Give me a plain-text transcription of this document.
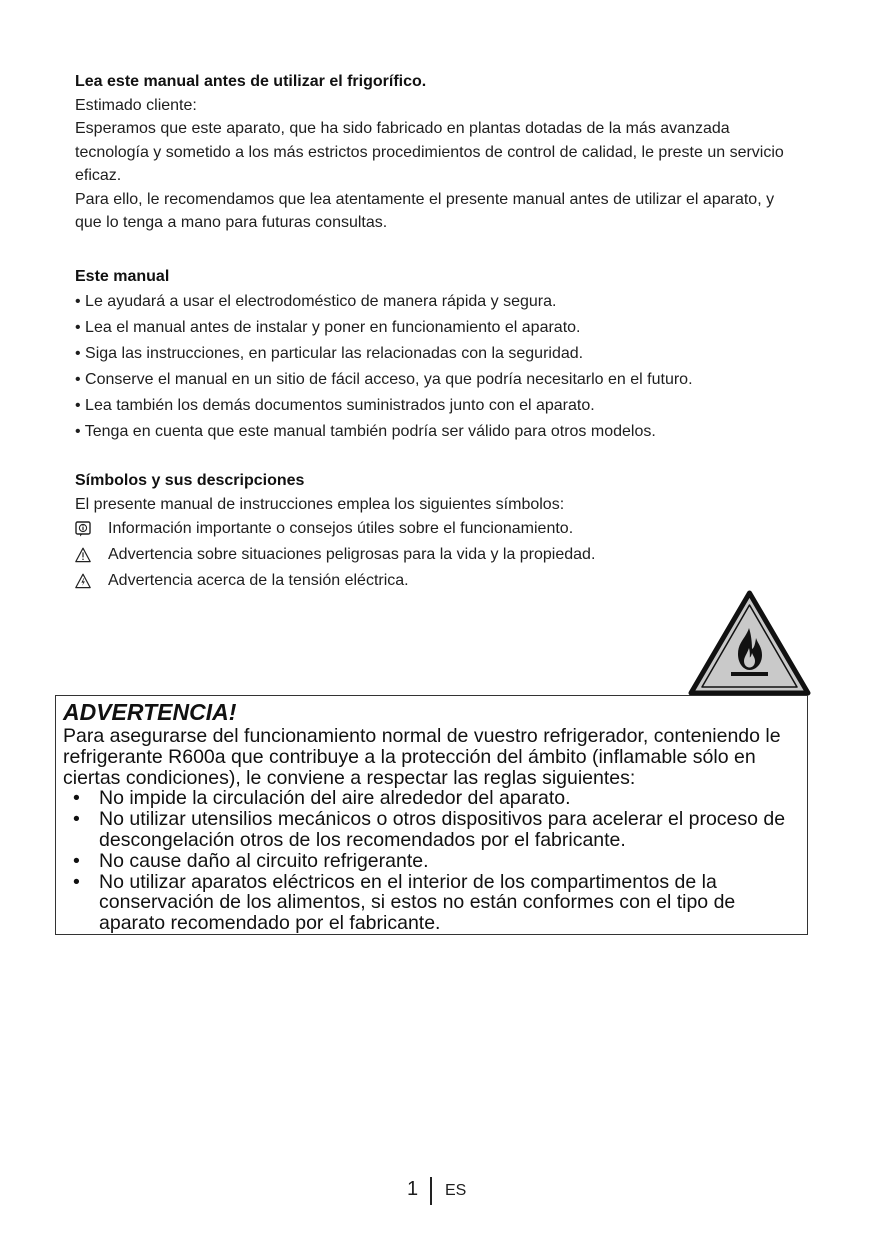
Lea este manual antes de utilizar el frigorífico.

Estimado cliente:

Esperamos que este aparato, que ha sido fabricado en plantas dotadas de la más avanzada tecnología y sometido a los más estrictos procedimientos de control de calidad, le preste un servicio eficaz.

Para ello, le recomendamos que lea atentamente el presente manual antes de utilizar el aparato, y que lo tenga a mano para futuras consultas.

Este manual

• Le ayudará a usar el electrodoméstico de manera rápida y segura.
• Lea el manual antes de instalar y poner en funcionamiento el aparato.
• Siga las instrucciones, en particular las relacionadas con la seguridad.
• Conserve el manual en un sitio de fácil acceso, ya que podría necesitarlo en el futuro.
• Lea también los demás documentos suministrados junto con el aparato.
• Tenga en cuenta que este manual también podría ser válido para otros modelos.

Símbolos y sus descripciones

El presente manual de instrucciones emplea los siguientes símbolos:

Información importante o consejos útiles sobre el funcionamiento.
Advertencia sobre situaciones peligrosas para la vida y la propiedad.
Advertencia acerca de la tensión eléctrica.

ADVERTENCIA!

Para asegurarse del funcionamiento normal de vuestro refrigerador, conteniendo le refrigerante R600a que contribuye a la protección del ámbito (inflamable sólo en ciertas condiciones), le conviene a respectar las reglas siguientes:

• No impide la circulación del aire alrededor del aparato.
• No utilizar utensilios mecánicos o otros dispositivos para acelerar el proceso de descongelación otros de los recomendados por el fabricante.
• No cause daño al circuito refrigerante.
• No utilizar aparatos eléctricos en el interior de los compartimentos de la conservación de los alimentos, si estos no están conformes con el tipo de aparato recomendado por el fabricante.
1 ES
